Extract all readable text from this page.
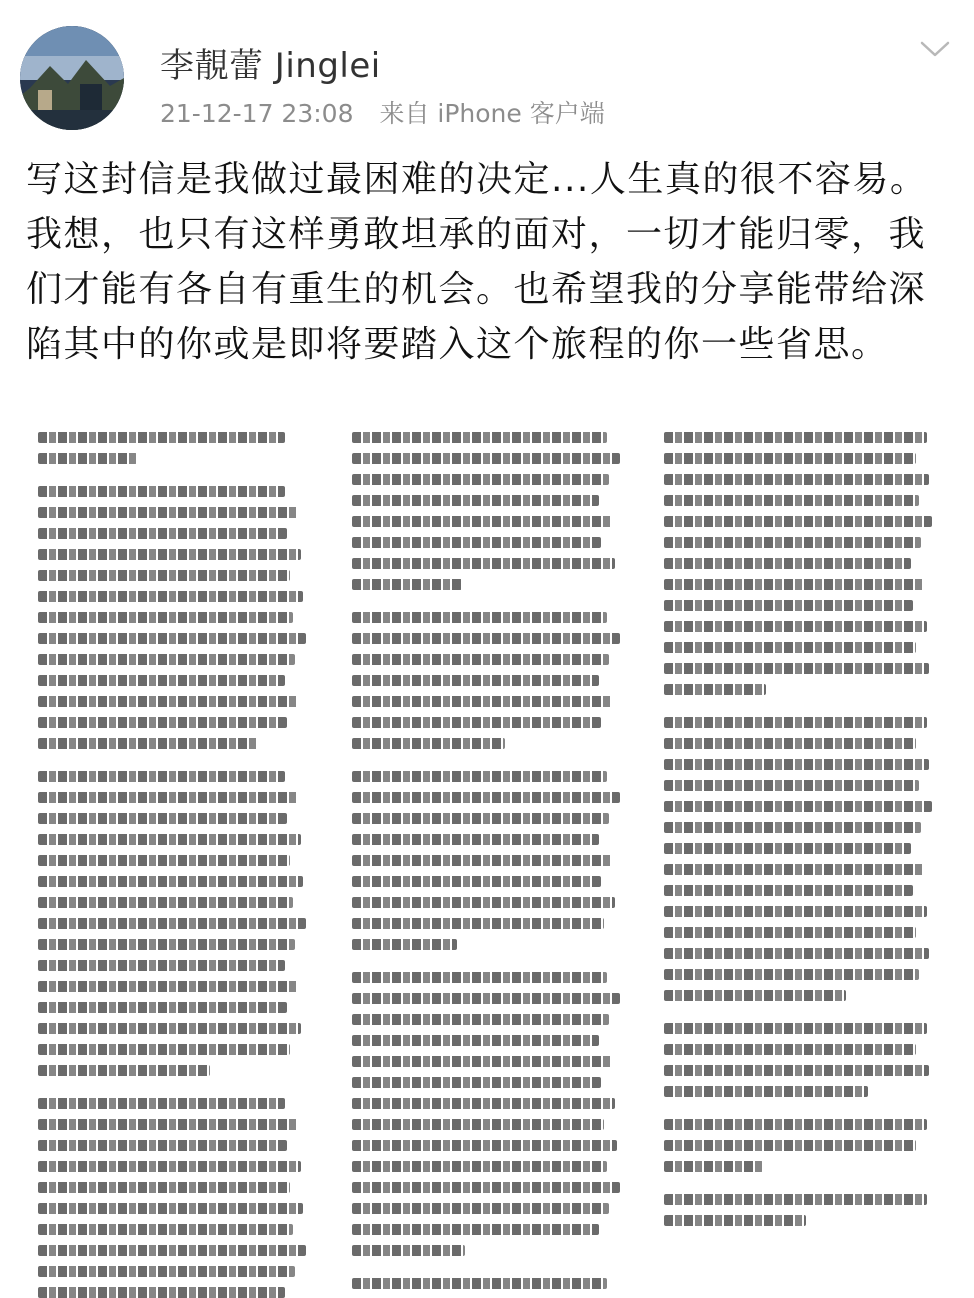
李靚蕾 Jinglei
21-12-17 23:08 来自 iPhone 客户端
写这封信是我做过最困难的决定...人生真的很不容易。我想，也只有这样勇敢坦承的面对，一切才能归零，我们才能有各自有重生的机会。也希望我的分享能带给深陷其中的你或是即将要踏入这个旅程的你一些省思。
